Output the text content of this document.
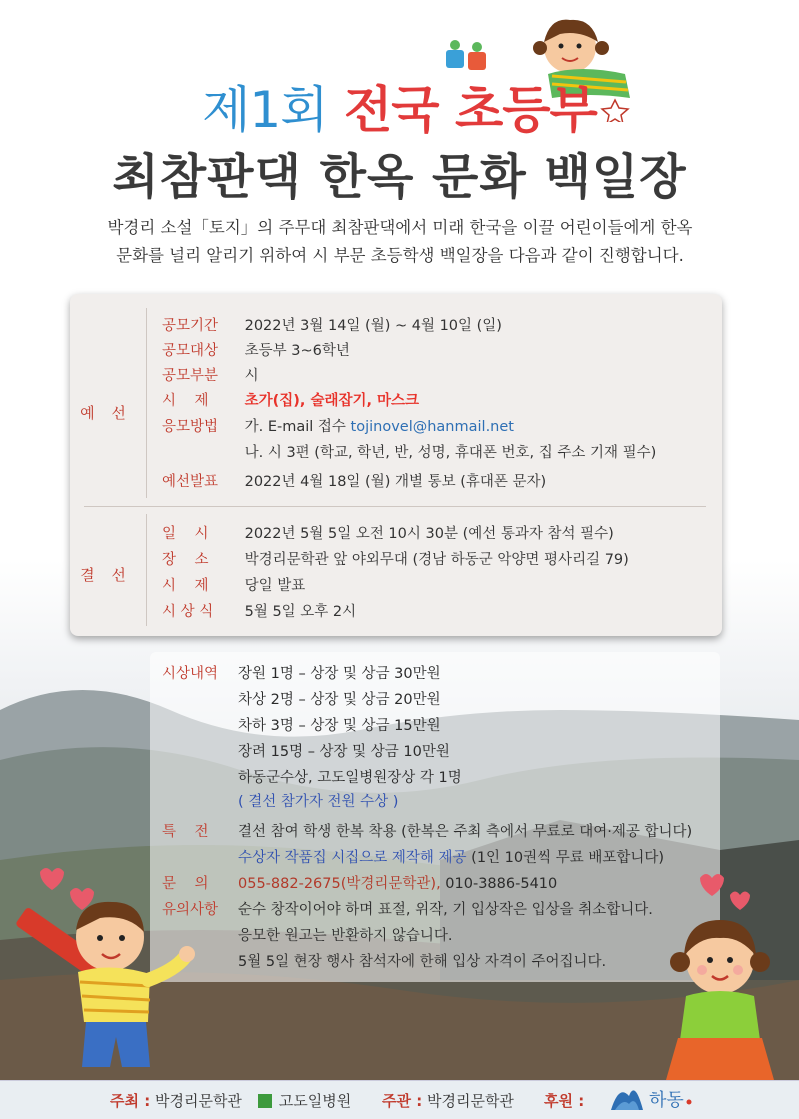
제1회 전국 초등부
최참판댁 한옥 문화 백일장
박경리 소설「토지」의 주무대 최참판댁에서 미래 한국을 이끌 어린이들에게 한옥
문화를 널리 알리기 위하여 시 부문 초등학생 백일장을 다음과 같이 진행합니다.
예 선
공모기간 2022년 3월 14일 (월) ~ 4월 10일 (일)
공모대상 초등부 3~6학년
공모부분 시
시    제 초가(집), 술래잡기, 마스크
응모방법 가. E-mail 접수 tojinovel@hanmail.net
나. 시 3편 (학교, 학년, 반, 성명, 휴대폰 번호, 집 주소 기재 필수)
예선발표 2022년 4월 18일 (월) 개별 통보 (휴대폰 문자)
결 선
일    시 2022년 5월 5일 오전 10시 30분 (예선 통과자 참석 필수)
장    소 박경리문학관 앞 야외무대 (경남 하동군 악양면 평사리길 79)
시    제 당일 발표
시 상 식 5월 5일 오후 2시
시상내역 장원 1명 – 상장 및 상금 30만원
차상 2명 – 상장 및 상금 20만원
차하 3명 – 상장 및 상금 15만원
장려 15명 – 상장 및 상금 10만원
하동군수상, 고도일병원장상 각 1명
( 결선 참가자 전원 수상 )
특    전 결선 참여 학생 한복 착용 (한복은 주최 측에서 무료로 대여·제공 합니다)
수상자 작품집 시집으로 제작해 제공 (1인 10권씩 무료 배포합니다)
문    의 055-882-2675(박경리문학관), 010-3886-5410
유의사항 순수 창작이어야 하며 표절, 위작, 기 입상작은 입상을 취소합니다.
응모한 원고는 반환하지 않습니다.
5월 5일 현장 행사 참석자에 한해 입상 자격이 주어집니다.
주최 : 박경리문학관	고도일병원 주관 : 박경리문학관 후원 :	하동
